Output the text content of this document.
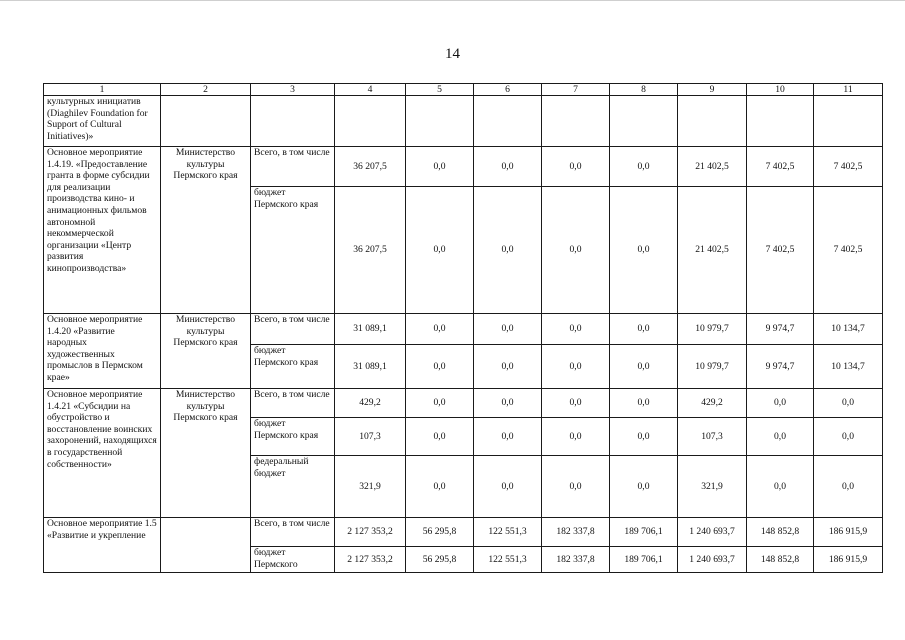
14
1	2	3	4	5	6	7	8	9	10	11
культурных инициатив (Diaghilev Foundation for Support of Cultural Initiatives)»										
Основное мероприятие 1.4.19. «Предоставление гранта в форме субсидии для реализации производства кино- и анимационных фильмов автономной некоммерческой организации «Центр развития кинопроизводства»	Министерство культуры Пермского края	Всего, в том числе	36 207,5	0,0	0,0	0,0	0,0	21 402,5	7 402,5	7 402,5
		бюджет Пермского края	36 207,5	0,0	0,0	0,0	0,0	21 402,5	7 402,5	7 402,5
Основное мероприятие 1.4.20 «Развитие народных художественных промыслов в Пермском крае»	Министерство культуры Пермского края	Всего, в том числе	31 089,1	0,0	0,0	0,0	0,0	10 979,7	9 974,7	10 134,7
		бюджет Пермского края	31 089,1	0,0	0,0	0,0	0,0	10 979,7	9 974,7	10 134,7
Основное мероприятие 1.4.21 «Субсидии на обустройство и восстановление воинских захоронений, находящихся в государственной собственности»	Министерство культуры Пермского края	Всего, в том числе	429,2	0,0	0,0	0,0	0,0	429,2	0,0	0,0
		бюджет Пермского края	107,3	0,0	0,0	0,0	0,0	107,3	0,0	0,0
		федеральный бюджет	321,9	0,0	0,0	0,0	0,0	321,9	0,0	0,0
Основное мероприятие 1.5 «Развитие и укрепление		Всего, в том числе	2 127 353,2	56 295,8	122 551,3	182 337,8	189 706,1	1 240 693,7	148 852,8	186 915,9
		бюджет Пермского	2 127 353,2	56 295,8	122 551,3	182 337,8	189 706,1	1 240 693,7	148 852,8	186 915,9
